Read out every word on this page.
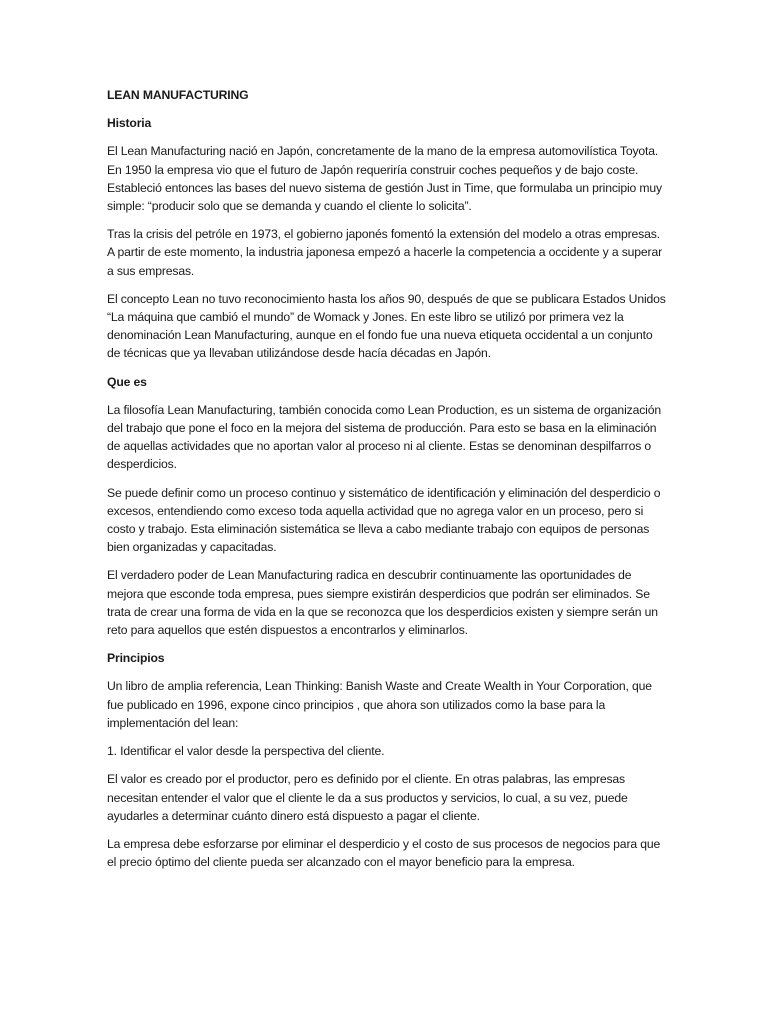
LEAN MANUFACTURING
Historia

El Lean Manufacturing nació en Japón, concretamente de la mano de la empresa automovilística Toyota. En 1950 la empresa vio que el futuro de Japón requeriría construir coches pequeños y de bajo coste. Estableció entonces las bases del nuevo sistema de gestión Just in Time, que formulaba un principio muy simple: “producir solo que se demanda y cuando el cliente lo solicita”.

Tras la crisis del petróle en 1973, el gobierno japonés fomentó la extensión del modelo a otras empresas. A partir de este momento, la industria japonesa empezó a hacerle la competencia a occidente y a superar a sus empresas.

El concepto Lean no tuvo reconocimiento hasta los años 90, después de que se publicara Estados Unidos “La máquina que cambió el mundo” de Womack y Jones. En este libro se utilizó por primera vez la denominación Lean Manufacturing, aunque en el fondo fue una nueva etiqueta occidental a un conjunto de técnicas que ya llevaban utilizándose desde hacía décadas en Japón.

Que es

La filosofía Lean Manufacturing, también conocida como Lean Production, es un sistema de organización del trabajo que pone el foco en la mejora del sistema de producción. Para esto se basa en la eliminación de aquellas actividades que no aportan valor al proceso ni al cliente. Estas se denominan despilfarros o desperdicios.

Se puede definir como un proceso continuo y sistemático de identificación y eliminación del desperdicio o excesos, entendiendo como exceso toda aquella actividad que no agrega valor en un proceso, pero si costo y trabajo. Esta eliminación sistemática se lleva a cabo mediante trabajo con equipos de personas bien organizadas y capacitadas.

El verdadero poder de Lean Manufacturing radica en descubrir continuamente las oportunidades de mejora que esconde toda empresa, pues siempre existirán desperdicios que podrán ser eliminados. Se trata de crear una forma de vida en la que se reconozca que los desperdicios existen y siempre serán un reto para aquellos que estén dispuestos a encontrarlos y eliminarlos.

Principios

Un libro de amplia referencia, Lean Thinking: Banish Waste and Create Wealth in Your Corporation, que fue publicado en 1996, expone cinco principios , que ahora son utilizados como la base para la implementación del lean:

1. Identificar el valor desde la perspectiva del cliente.

El valor es creado por el productor, pero es definido por el cliente. En otras palabras, las empresas necesitan entender el valor que el cliente le da a sus productos y servicios, lo cual, a su vez, puede ayudarles a determinar cuánto dinero está dispuesto a pagar el cliente.

La empresa debe esforzarse por eliminar el desperdicio y el costo de sus procesos de negocios para que el precio óptimo del cliente pueda ser alcanzado con el mayor beneficio para la empresa.
